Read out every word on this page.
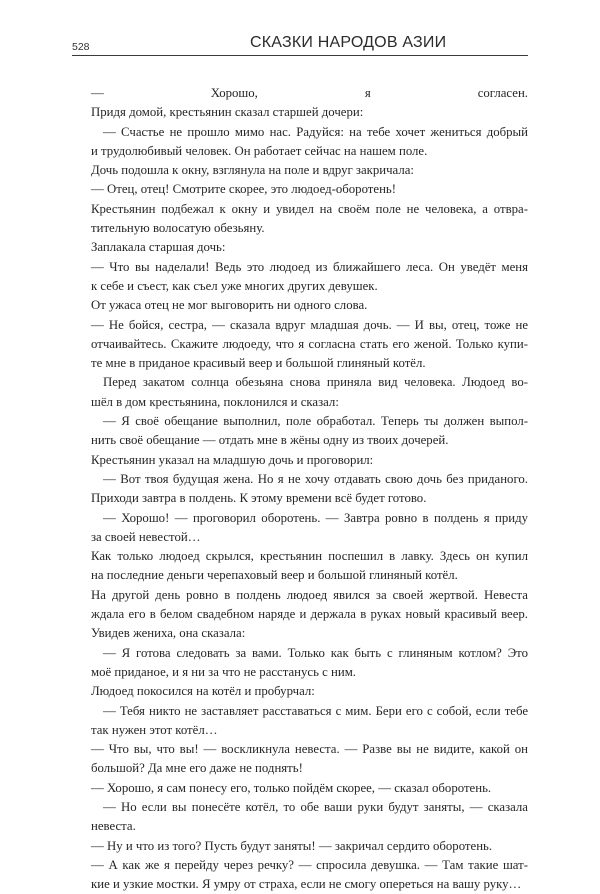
528	СКАЗКИ НАРОДОВ АЗИИ
— Хорошо, я согласен.
Придя домой, крестьянин сказал старшей дочери:
— Счастье не прошло мимо нас. Радуйся: на тебе хочет жениться добрый
и трудолюбивый человек. Он работает сейчас на нашем поле.
Дочь подошла к окну, взглянула на поле и вдруг закричала:
— Отец, отец! Смотрите скорее, это людоед-оборотень!
Крестьянин подбежал к окну и увидел на своём поле не человека, а отвра-
тительную волосатую обезьяну.
Заплакала старшая дочь:
— Что вы наделали! Ведь это людоед из ближайшего леса. Он уведёт меня
к себе и съест, как съел уже многих других девушек.
От ужаса отец не мог выговорить ни одного слова.
— Не бойся, сестра, — сказала вдруг младшая дочь. — И вы, отец, тоже не
отчаивайтесь. Скажите людоеду, что я согласна стать его женой. Только купи-
те мне в приданое красивый веер и большой глиняный котёл.
Перед закатом солнца обезьяна снова приняла вид человека. Людоед во-
шёл в дом крестьянина, поклонился и сказал:
— Я своё обещание выполнил, поле обработал. Теперь ты должен выпол-
нить своё обещание — отдать мне в жёны одну из твоих дочерей.
Крестьянин указал на младшую дочь и проговорил:
— Вот твоя будущая жена. Но я не хочу отдавать свою дочь без приданого.
Приходи завтра в полдень. К этому времени всё будет готово.
— Хорошо! — проговорил оборотень. — Завтра ровно в полдень я приду
за своей невестой…
Как только людоед скрылся, крестьянин поспешил в лавку. Здесь он купил
на последние деньги черепаховый веер и большой глиняный котёл.
На другой день ровно в полдень людоед явился за своей жертвой. Невеста
ждала его в белом свадебном наряде и держала в руках новый красивый веер.
Увидев жениха, она сказала:
— Я готова следовать за вами. Только как быть с глиняным котлом? Это
моё приданое, и я ни за что не расстанусь с ним.
Людоед покосился на котёл и пробурчал:
— Тебя никто не заставляет расставаться с мим. Бери его с собой, если тебе
так нужен этот котёл…
— Что вы, что вы! — воскликнула невеста. — Разве вы не видите, какой он
большой? Да мне его даже не поднять!
— Хорошо, я сам понесу его, только пойдём скорее, — сказал оборотень.
— Но если вы понесёте котёл, то обе ваши руки будут заняты, — сказала
невеста.
— Ну и что из того? Пусть будут заняты! — закричал сердито оборотень.
— А как же я перейду через речку? — спросила девушка. — Там такие шат-
кие и узкие мостки. Я умру от страха, если не смогу опереться на вашу руку…
